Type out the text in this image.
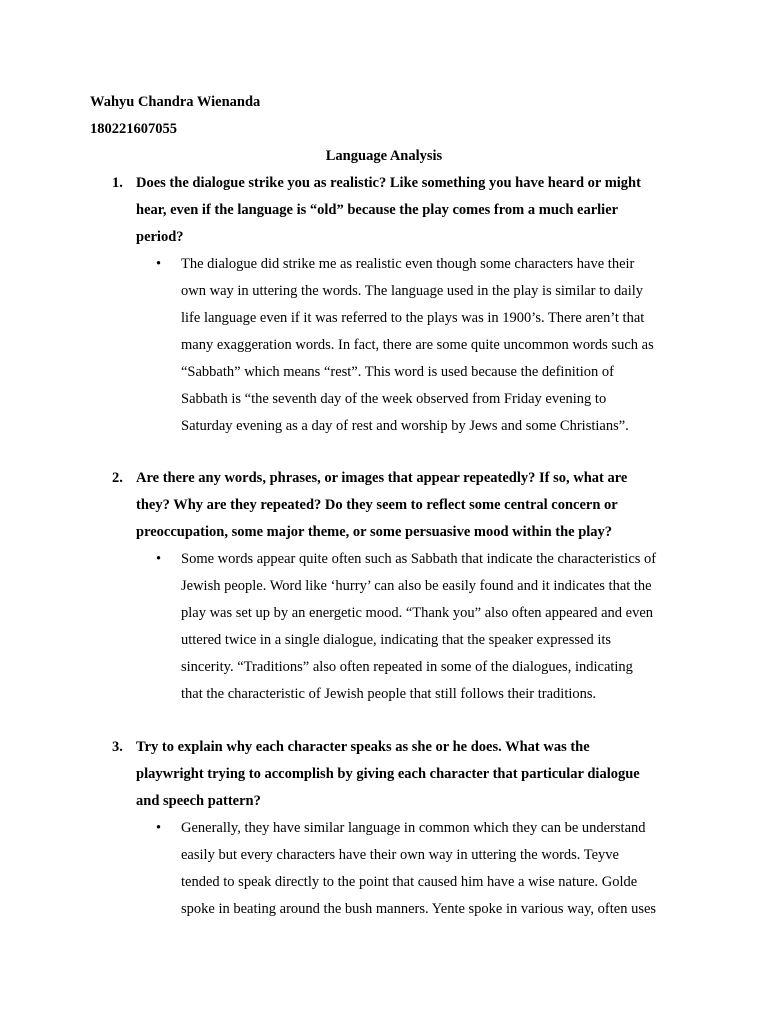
Wahyu Chandra Wienanda
180221607055
Language Analysis
1. Does the dialogue strike you as realistic? Like something you have heard or might
hear, even if the language is “old” because the play comes from a much earlier
period?
• The dialogue did strike me as realistic even though some characters have their
own way in uttering the words. The language used in the play is similar to daily
life language even if it was referred to the plays was in 1900’s. There aren’t that
many exaggeration words. In fact, there are some quite uncommon words such as
“Sabbath” which means “rest”. This word is used because the definition of
Sabbath is “the seventh day of the week observed from Friday evening to
Saturday evening as a day of rest and worship by Jews and some Christians”.
2. Are there any words, phrases, or images that appear repeatedly? If so, what are
they? Why are they repeated? Do they seem to reflect some central concern or
preoccupation, some major theme, or some persuasive mood within the play?
• Some words appear quite often such as Sabbath that indicate the characteristics of
Jewish people. Word like ‘hurry’ can also be easily found and it indicates that the
play was set up by an energetic mood. “Thank you” also often appeared and even
uttered twice in a single dialogue, indicating that the speaker expressed its
sincerity. “Traditions” also often repeated in some of the dialogues, indicating
that the characteristic of Jewish people that still follows their traditions.
3. Try to explain why each character speaks as she or he does. What was the
playwright trying to accomplish by giving each character that particular dialogue
and speech pattern?
• Generally, they have similar language in common which they can be understand
easily but every characters have their own way in uttering the words. Teyve
tended to speak directly to the point that caused him have a wise nature. Golde
spoke in beating around the bush manners. Yente spoke in various way, often uses
